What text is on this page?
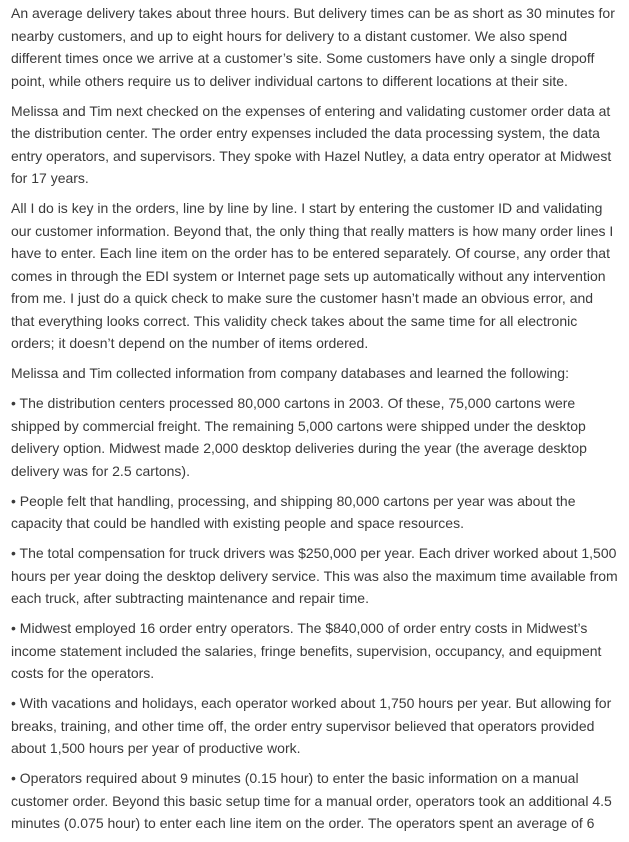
An average delivery takes about three hours. But delivery times can be as short as 30 minutes for nearby customers, and up to eight hours for delivery to a distant customer. We also spend different times once we arrive at a customer’s site. Some customers have only a single dropoff point, while others require us to deliver individual cartons to different locations at their site.

Melissa and Tim next checked on the expenses of entering and validating customer order data at the distribution center. The order entry expenses included the data processing system, the data entry operators, and supervisors. They spoke with Hazel Nutley, a data entry operator at Midwest for 17 years.

All I do is key in the orders, line by line by line. I start by entering the customer ID and validating our customer information. Beyond that, the only thing that really matters is how many order lines I have to enter. Each line item on the order has to be entered separately. Of course, any order that comes in through the EDI system or Internet page sets up automatically without any intervention from me. I just do a quick check to make sure the customer hasn’t made an obvious error, and that everything looks correct. This validity check takes about the same time for all electronic orders; it doesn’t depend on the number of items ordered.

Melissa and Tim collected information from company databases and learned the following:

• The distribution centers processed 80,000 cartons in 2003. Of these, 75,000 cartons were shipped by commercial freight. The remaining 5,000 cartons were shipped under the desktop delivery option. Midwest made 2,000 desktop deliveries during the year (the average desktop delivery was for 2.5 cartons).

• People felt that handling, processing, and shipping 80,000 cartons per year was about the capacity that could be handled with existing people and space resources.

• The total compensation for truck drivers was $250,000 per year. Each driver worked about 1,500 hours per year doing the desktop delivery service. This was also the maximum time available from each truck, after subtracting maintenance and repair time.

• Midwest employed 16 order entry operators. The $840,000 of order entry costs in Midwest’s income statement included the salaries, fringe benefits, supervision, occupancy, and equipment costs for the operators.

• With vacations and holidays, each operator worked about 1,750 hours per year. But allowing for breaks, training, and other time off, the order entry supervisor believed that operators provided about 1,500 hours per year of productive work.

• Operators required about 9 minutes (0.15 hour) to enter the basic information on a manual customer order. Beyond this basic setup time for a manual order, operators took an additional 4.5 minutes (0.075 hour) to enter each line item on the order. The operators spent an average of 6
